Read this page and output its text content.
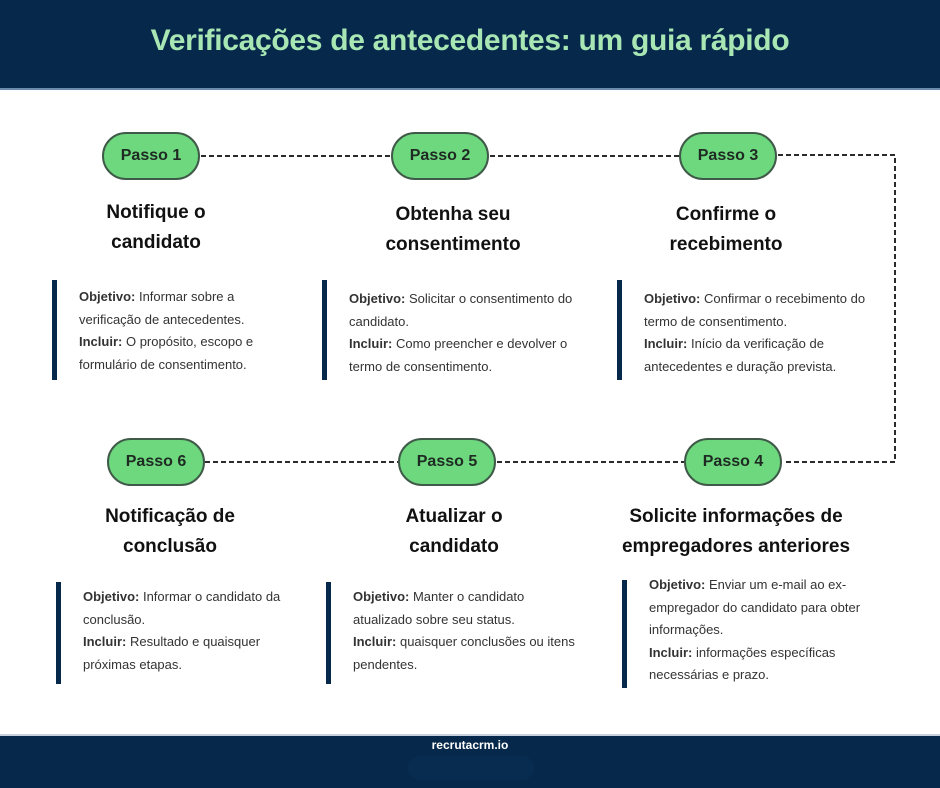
Verificações de antecedentes: um guia rápido
Passo 1
Notifique o
candidato

Objetivo: Informar sobre a verificação de antecedentes.

Incluir: O propósito, escopo e formulário de consentimento.

Passo 2
Obtenha seu
consentimento

Objetivo: Solicitar o consentimento do candidato.

Incluir: Como preencher e devolver o termo de consentimento.

Passo 3
Confirme o
recebimento

Objetivo: Confirmar o recebimento do termo de consentimento.

Incluir: Início da verificação de antecedentes e duração prevista.

Passo 6
Notificação de
conclusão

Objetivo: Informar o candidato da conclusão.

Incluir: Resultado e quaisquer próximas etapas.

Passo 5
Atualizar o
candidato

Objetivo: Manter o candidato atualizado sobre seu status.

Incluir: quaisquer conclusões ou itens pendentes.

Passo 4
Solicite informações de
empregadores anteriores

Objetivo: Enviar um e-mail ao ex-empregador do candidato para obter informações.

Incluir: informações específicas necessárias e prazo.

recrutacrm.io
